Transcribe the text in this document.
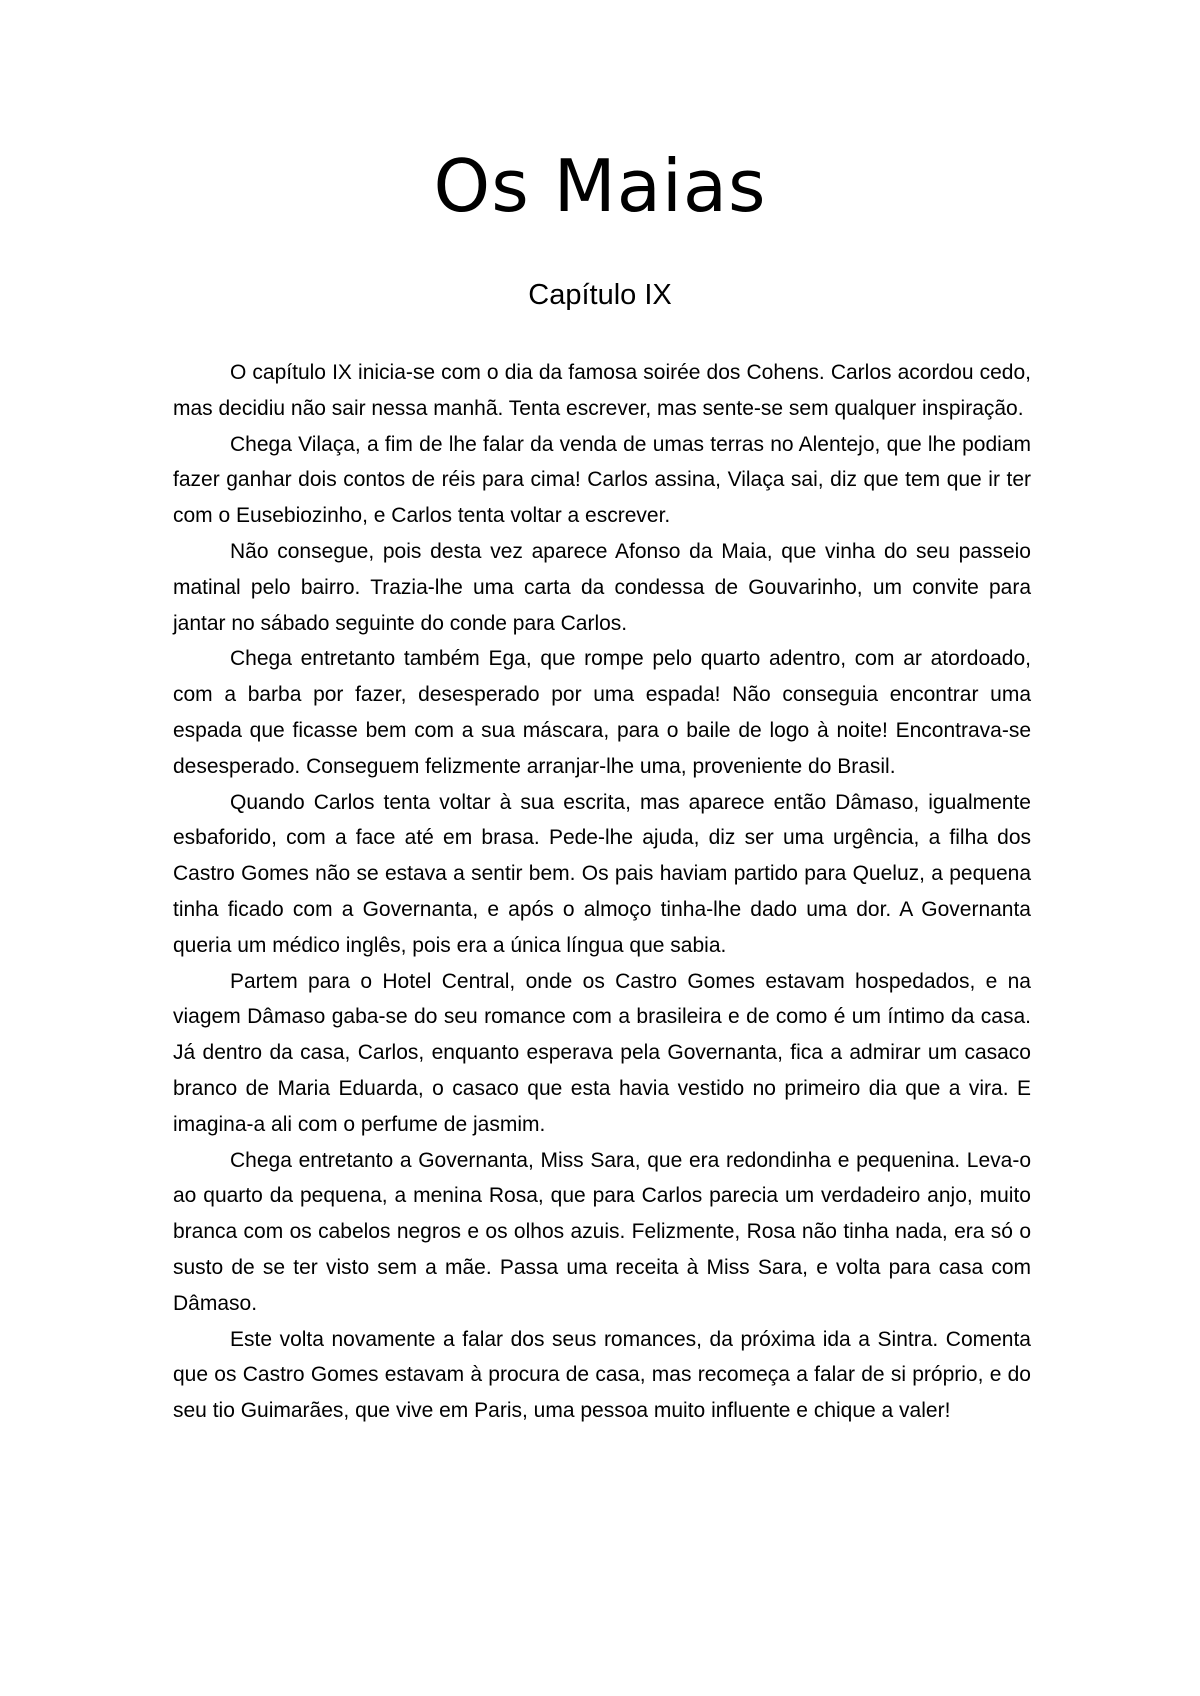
Os Maias
Capítulo IX

O capítulo IX inicia-se com o dia da famosa soirée dos Cohens. Carlos acordou cedo, mas decidiu não sair nessa manhã. Tenta escrever, mas sente-se sem qualquer inspiração.

Chega Vilaça, a fim de lhe falar da venda de umas terras no Alentejo, que lhe podiam fazer ganhar dois contos de réis para cima! Carlos assina, Vilaça sai, diz que tem que ir ter com o Eusebiozinho, e Carlos tenta voltar a escrever.

Não consegue, pois desta vez aparece Afonso da Maia, que vinha do seu passeio matinal pelo bairro. Trazia-lhe uma carta da condessa de Gouvarinho, um convite para jantar no sábado seguinte do conde para Carlos.

Chega entretanto também Ega, que rompe pelo quarto adentro, com ar atordoado, com a barba por fazer, desesperado por uma espada! Não conseguia encontrar uma espada que ficasse bem com a sua máscara, para o baile de logo à noite! Encontrava-se desesperado. Conseguem felizmente arranjar-lhe uma, proveniente do Brasil.

Quando Carlos tenta voltar à sua escrita, mas aparece então Dâmaso, igualmente esbaforido, com a face até em brasa. Pede-lhe ajuda, diz ser uma urgência, a filha dos Castro Gomes não se estava a sentir bem. Os pais haviam partido para Queluz, a pequena tinha ficado com a Governanta, e após o almoço tinha-lhe dado uma dor. A Governanta queria um médico inglês, pois era a única língua que sabia.

Partem para o Hotel Central, onde os Castro Gomes estavam hospedados, e na viagem Dâmaso gaba-se do seu romance com a brasileira e de como é um íntimo da casa. Já dentro da casa, Carlos, enquanto esperava pela Governanta, fica a admirar um casaco branco de Maria Eduarda, o casaco que esta havia vestido no primeiro dia que a vira. E imagina-a ali com o perfume de jasmim.

Chega entretanto a Governanta, Miss Sara, que era redondinha e pequenina. Leva-o ao quarto da pequena, a menina Rosa, que para Carlos parecia um verdadeiro anjo, muito branca com os cabelos negros e os olhos azuis. Felizmente, Rosa não tinha nada, era só o susto de se ter visto sem a mãe. Passa uma receita à Miss Sara, e volta para casa com Dâmaso.

Este volta novamente a falar dos seus romances, da próxima ida a Sintra. Comenta que os Castro Gomes estavam à procura de casa, mas recomeça a falar de si próprio, e do seu tio Guimarães, que vive em Paris, uma pessoa muito influente e chique a valer!
